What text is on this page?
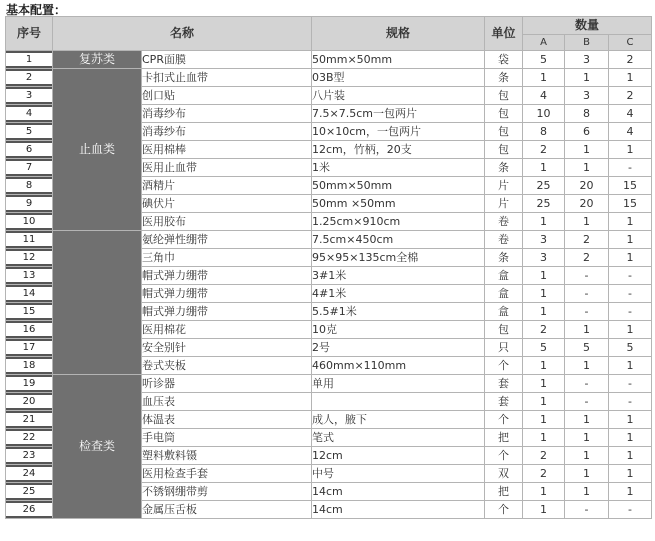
基本配置：
序号	名称		规格	单位	数量		
					A	B	C

1	复苏类	CPR面膜	50mm×50mm	袋	5	3	2

2	止血类	卡扣式止血带	03B型	条	1	1	1

3		创口贴	八片装	包	4	3	2

4		消毒纱布	7.5×7.5cm一包两片	包	10	8	4

5		消毒纱布	10×10cm，一包两片	包	8	6	4

6		医用棉棒	12cm，竹柄，20支	包	2	1	1

7		医用止血带	1米	条	1	1	-

8		酒精片	50mm×50mm	片	25	20	15

9		碘伏片	50mm ×50mm	片	25	20	15

10		医用胶布	1.25cm×910cm	卷	1	1	1

11		氨纶弹性绷带	7.5cm×450cm	卷	3	2	1

12		三角巾	95×95×135cm全棉	条	3	2	1

13		帽式弹力绷带	3#1米	盒	1	-	-

14		帽式弹力绷带	4#1米	盒	1	-	-

15		帽式弹力绷带	5.5#1米	盒	1	-	-

16		医用棉花	10克	包	2	1	1

17		安全别针	2号	只	5	5	5

18		卷式夹板	460mm×110mm	个	1	1	1

19	检查类	听诊器	单用	套	1	-	-

20		血压表		套	1	-	-

21		体温表	成人，腋下	个	1	1	1

22		手电筒	笔式	把	1	1	1

23		塑料敷料镊	12cm	个	2	1	1

24		医用检查手套	中号	双	2	1	1

25		不锈钢绷带剪	14cm	把	1	1	1

26		金属压舌板	14cm	个	1	-	-
